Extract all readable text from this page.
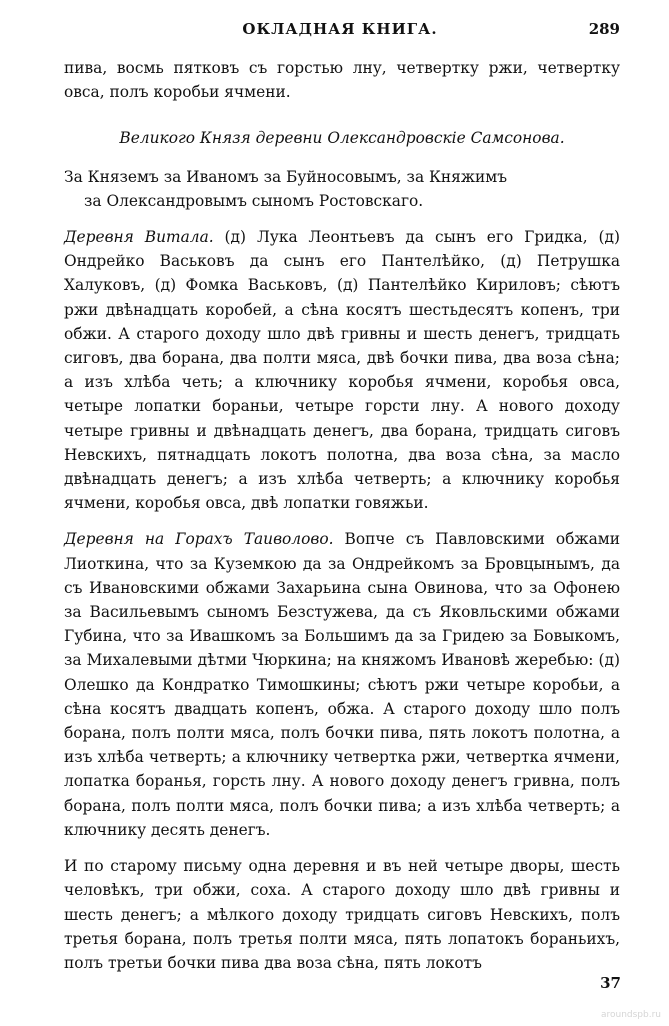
ОКЛАДНАЯ КНИГА.	289

пива, восмь пятковъ съ горстью лну, четвертку ржи, четвертку овса, полъ коробьи ячмени.

Великого Князя деревни Олександровскіе Самсонова.

За Княземъ за Иваномъ за Буйносовымъ, за Княжимъ
за Олександровымъ сыномъ Ростовскаго.

Деревня Витала. (д) Лука Леонтьевъ да сынъ его Гридка, (д) Ондрейко Васьковъ да сынъ его Пантелѣйко, (д) Петрушка Халуковъ, (д) Фомка Васьковъ, (д) Пантелѣйко Кириловъ; сѣютъ ржи двѣнадцать коробей, а сѣна косятъ шестьдесятъ копенъ, три обжи. А старого доходу шло двѣ гривны и шесть денегъ, тридцать сиговъ, два борана, два полти мяса, двѣ бочки пива, два воза сѣна; а изъ хлѣба четь; а ключнику коробья ячмени, коробья овса, четыре лопатки бораньи, четыре горсти лну. А нового доходу четыре гривны и двѣнадцать денегъ, два борана, тридцать сиговъ Невскихъ, пятнадцать локотъ полотна, два воза сѣна, за масло двѣнадцать денегъ; а изъ хлѣба четверть; а ключнику коробья ячмени, коробья овса, двѣ лопатки говяжьи.

Деревня на Горахъ Таиволово. Вопче съ Павловскими обжами Лиоткина, что за Куземкою да за Ондрейкомъ за Бровцынымъ, да съ Ивановскими обжами Захарьина сына Овинова, что за Офонею за Васильевымъ сыномъ Безстужева, да съ Яковльскими обжами Губина, что за Ивашкомъ за Большимъ да за Гридею за Бовыкомъ, за Михалевыми дѣтми Чюркина; на княжомъ Ивановѣ жеребью: (д) Олешко да Кондратко Тимошкины; сѣютъ ржи четыре коробьи, а сѣна косятъ двадцать копенъ, обжа. А старого доходу шло полъ борана, полъ полти мяса, полъ бочки пива, пять локотъ полотна, а изъ хлѣба четверть; а ключнику четвертка ржи, четвертка ячмени, лопатка боранья, горсть лну. А нового доходу денегъ гривна, полъ борана, полъ полти мяса, полъ бочки пива; а изъ хлѣба четверть; а ключнику десять денегъ.

И по старому письму одна деревня и въ ней четыре дворы, шесть человѣкъ, три обжи, соха. А старого доходу шло двѣ гривны и шесть денегъ; а мѣлкого доходу тридцать сиговъ Невскихъ, полъ третья борана, полъ третья полти мяса, пять лопатокъ бораньихъ, полъ третьи бочки пива два воза сѣна, пять локотъ

37
aroundspb.ru
